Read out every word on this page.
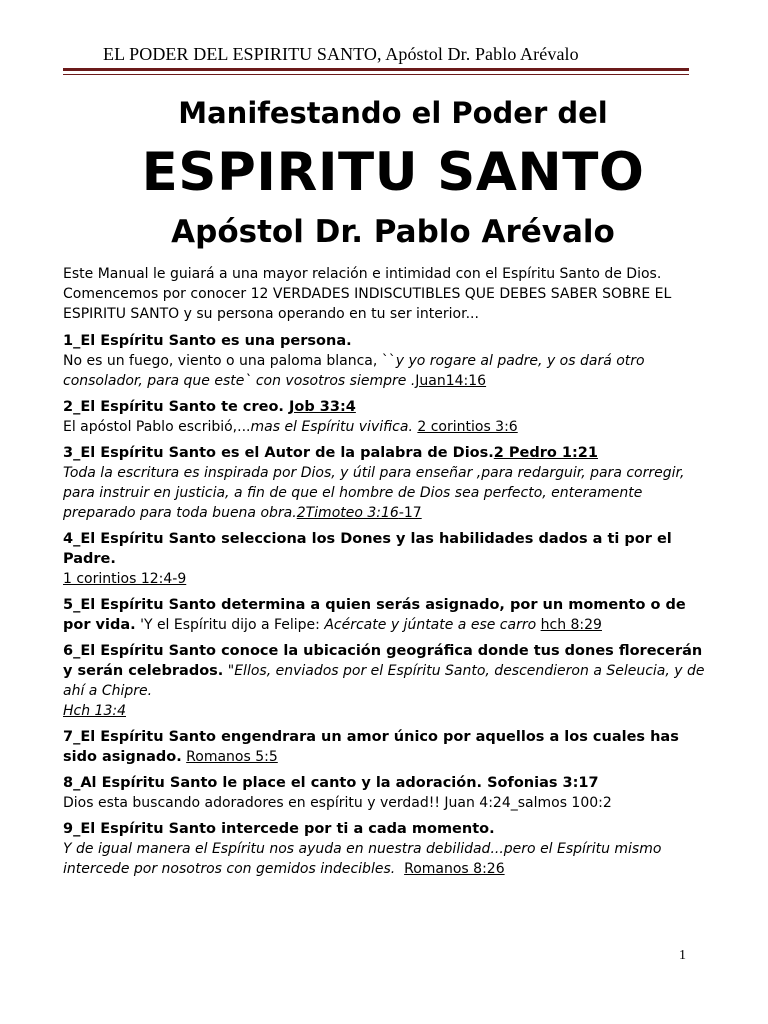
EL PODER DEL ESPIRITU SANTO, Apóstol Dr. Pablo Arévalo
Manifestando el Poder del
ESPIRITU SANTO
Apóstol Dr. Pablo Arévalo
Este Manual le guiará a una mayor relación e intimidad con el Espíritu Santo de Dios.
Comencemos por conocer 12 VERDADES INDISCUTIBLES QUE DEBES SABER SOBRE EL
ESPIRITU SANTO y su persona operando en tu ser interior...
1_El Espíritu Santo es una persona.
No es un fuego, viento o una paloma blanca, ``y yo rogare al padre, y os dará otro consolador, para que este` con vosotros siempre .Juan14:16
2_El Espíritu Santo te creo. Job 33:4
El apóstol Pablo escribió,...mas el Espíritu vivifica. 2 corintios 3:6
3_El Espíritu Santo es el Autor de la palabra de Dios.2 Pedro 1:21
Toda la escritura es inspirada por Dios, y útil para enseñar ,para redarguir, para corregir, para instruir en justicia, a fin de que el hombre de Dios sea perfecto, enteramente preparado para toda buena obra.2Timoteo 3:16-17
4_El Espíritu Santo selecciona los Dones y las habilidades dados a ti por el Padre.
1 corintios 12:4-9
5_El Espíritu Santo determina a quien serás asignado, por un momento o de por vida. 'Y el Espíritu dijo a Felipe: Acércate y júntate a ese carro hch 8:29
6_El Espíritu Santo conoce la ubicación geográfica donde tus dones florecerán y serán celebrados. "Ellos, enviados por el Espíritu Santo, descendieron a Seleucia, y de ahí a Chipre.
Hch 13:4
7_El Espíritu Santo engendrara un amor único por aquellos a los cuales has sido asignado. Romanos 5:5
8_Al Espíritu Santo le place el canto y la adoración. Sofonias 3:17
Dios esta buscando adoradores en espíritu y verdad!! Juan 4:24_salmos 100:2
9_El Espíritu Santo intercede por ti a cada momento.
Y de igual manera el Espíritu nos ayuda en nuestra debilidad...pero el Espíritu mismo intercede por nosotros con gemidos indecibles. Romanos 8:26
1
